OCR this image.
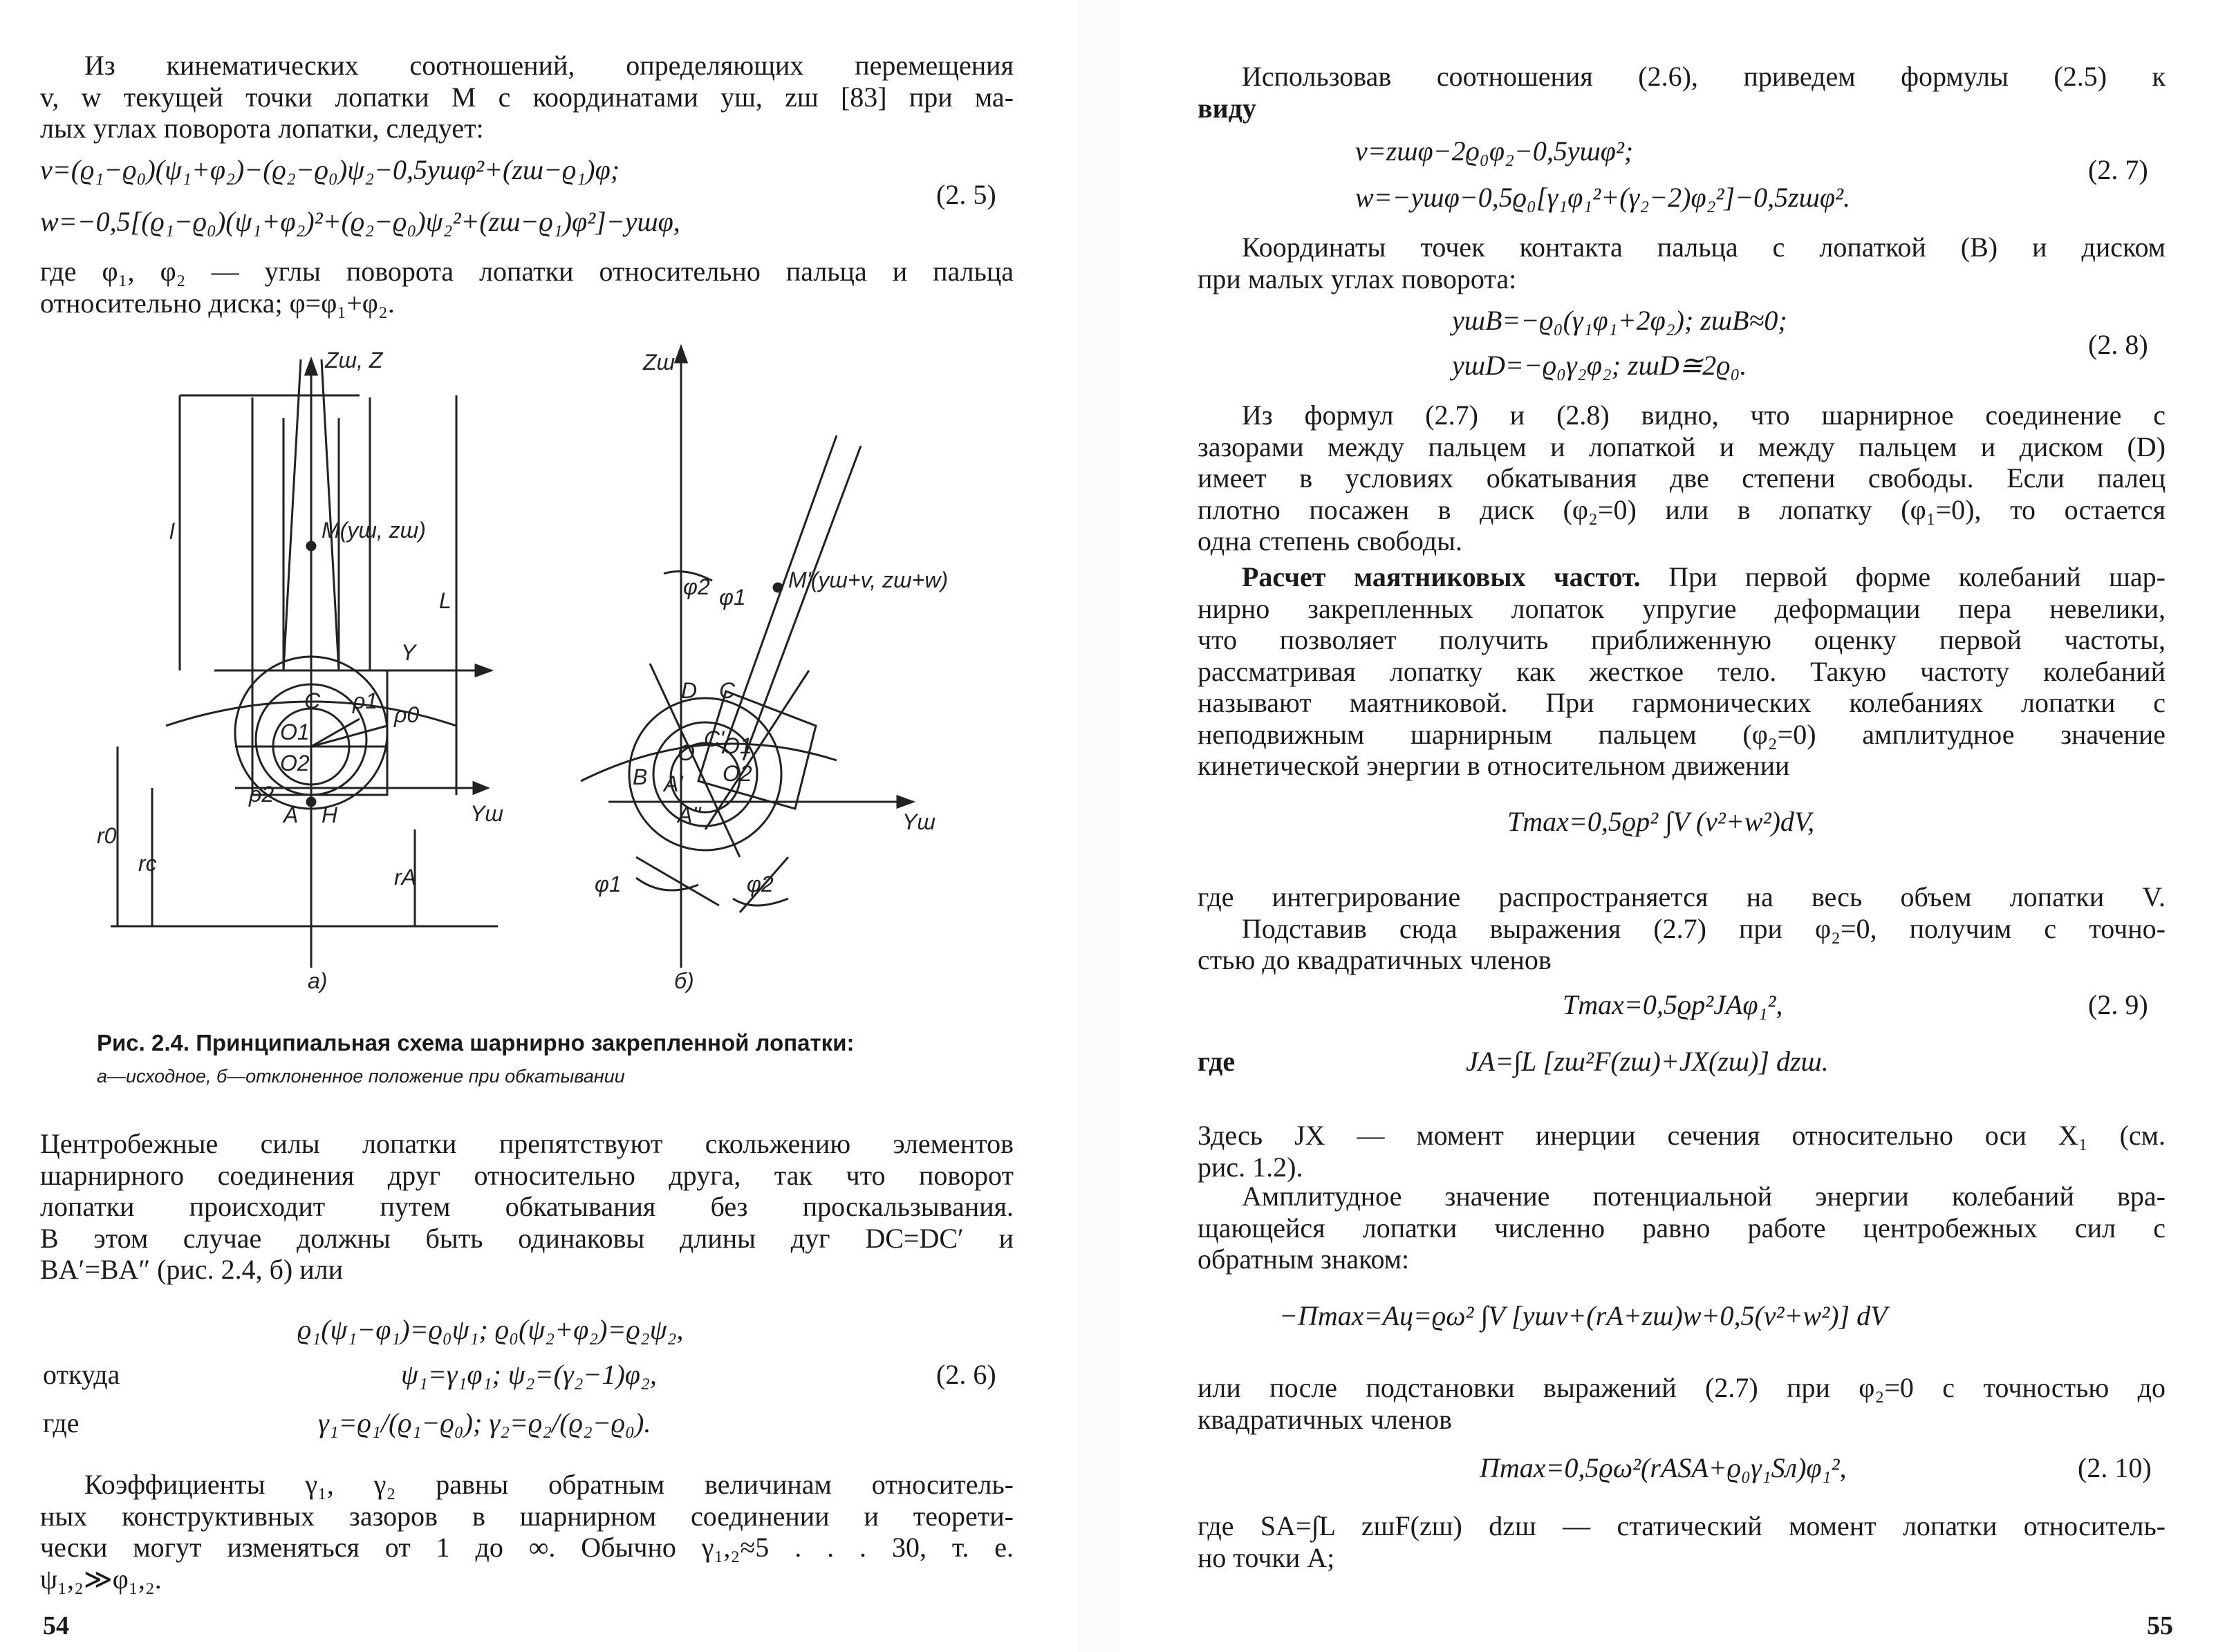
Из кинематических соотношений, определяющих перемещения
v, w текущей точки лопатки M с координатами yш, zш [83] при ма-
лых углах поворота лопатки, следует:
v=(ϱ₁−ϱ₀)(ψ₁+φ₂)−(ϱ₂−ϱ₀)ψ₂−0,5yшφ²+(zш−ϱ₁)φ;
w=−0,5[(ϱ₁−ϱ₀)(ψ₁+φ₂)²+(ϱ₂−ϱ₀)ψ₂²+(zш−ϱ₁)φ²]−yшφ,
(2. 5)
где φ₁, φ₂ — углы поворота лопатки относительно пальца и пальца
относительно диска; φ=φ₁+φ₂.
Zш, Z
M(yш, zш)
l
L
Y
Yш
r0
rc
rA
C ρ1
ρ0
O1
O2
ρ2
A H
а)
Zш
M'(yш+v, zш+w)
φ2 φ1
D C
O
C'
O1
O2
B A'
A''	Yш
φ1	φ2
б)
Рис. 2.4. Принципиальная схема шарнирно закрепленной лопатки:
а—исходное, б—отклоненное положение при обкатывании
Центробежные силы лопатки препятствуют скольжению элементов
шарнирного соединения друг относительно друга, так что поворот
лопатки происходит путем обкатывания без проскальзывания.
В этом случае должны быть одинаковы длины дуг DC=DC′ и
BA′=BA″ (рис. 2.4, б) или
ϱ₁(ψ₁−φ₁)=ϱ₀ψ₁; ϱ₀(ψ₂+φ₂)=ϱ₂ψ₂,
откуда	ψ₁=γ₁φ₁; ψ₂=(γ₂−1)φ₂,	(2. 6)
где	γ₁=ϱ₁/(ϱ₁−ϱ₀); γ₂=ϱ₂/(ϱ₂−ϱ₀).
Коэффициенты γ₁, γ₂ равны обратным величинам относитель-
ных конструктивных зазоров в шарнирном соединении и теорети-
чески могут изменяться от 1 до ∞. Обычно γ₁,₂≈5 . . . 30, т. е.
ψ₁,₂≫φ₁,₂.
54
Использовав соотношения (2.6), приведем формулы (2.5) к
виду
v=zшφ−2ϱ₀φ₂−0,5yшφ²;
w=−yшφ−0,5ϱ₀[γ₁φ₁²+(γ₂−2)φ₂²]−0,5zшφ².
(2. 7)
Координаты точек контакта пальца с лопаткой (B) и диском
при малых углах поворота:
yшB=−ϱ₀(γ₁φ₁+2φ₂); zшB≈0;
yшD=−ϱ₀γ₂φ₂; zшD≅2ϱ₀.
(2. 8)
Из формул (2.7) и (2.8) видно, что шарнирное соединение с
зазорами между пальцем и лопаткой и между пальцем и диском (D)
имеет в условиях обкатывания две степени свободы. Если палец
плотно посажен в диск (φ₂=0) или в лопатку (φ₁=0), то остается
одна степень свободы.
Расчет маятниковых частот. При первой форме колебаний шар-
нирно закрепленных лопаток упругие деформации пера невелики,
что позволяет получить приближенную оценку первой частоты,
рассматривая лопатку как жесткое тело. Такую частоту колебаний
называют маятниковой. При гармонических колебаниях лопатки с
неподвижным шарнирным пальцем (φ₂=0) амплитудное значение
кинетической энергии в относительном движении
Tmax=0,5ϱp² ∫V (v²+w²)dV,
где интегрирование распространяется на весь объем лопатки V.
Подставив сюда выражения (2.7) при φ₂=0, получим с точно-
стью до квадратичных членов
Tmax=0,5ϱp²JAφ₁²,	(2. 9)
где	JA=∫L [zш²F(zш)+JX(zш)] dzш.
Здесь JX — момент инерции сечения относительно оси X₁ (см.
рис. 1.2).
Амплитудное значение потенциальной энергии колебаний вра-
щающейся лопатки численно равно работе центробежных сил с
обратным знаком:
−Πmax=Aц=ϱω² ∫V [yшv+(rA+zш)w+0,5(v²+w²)] dV
или после подстановки выражений (2.7) при φ₂=0 с точностью до
квадратичных членов
Πmax=0,5ϱω²(rASA+ϱ₀γ₁Sл)φ₁²,	(2. 10)
где SA=∫L zшF(zш) dzш — статический момент лопатки относитель-
но точки A;
55
